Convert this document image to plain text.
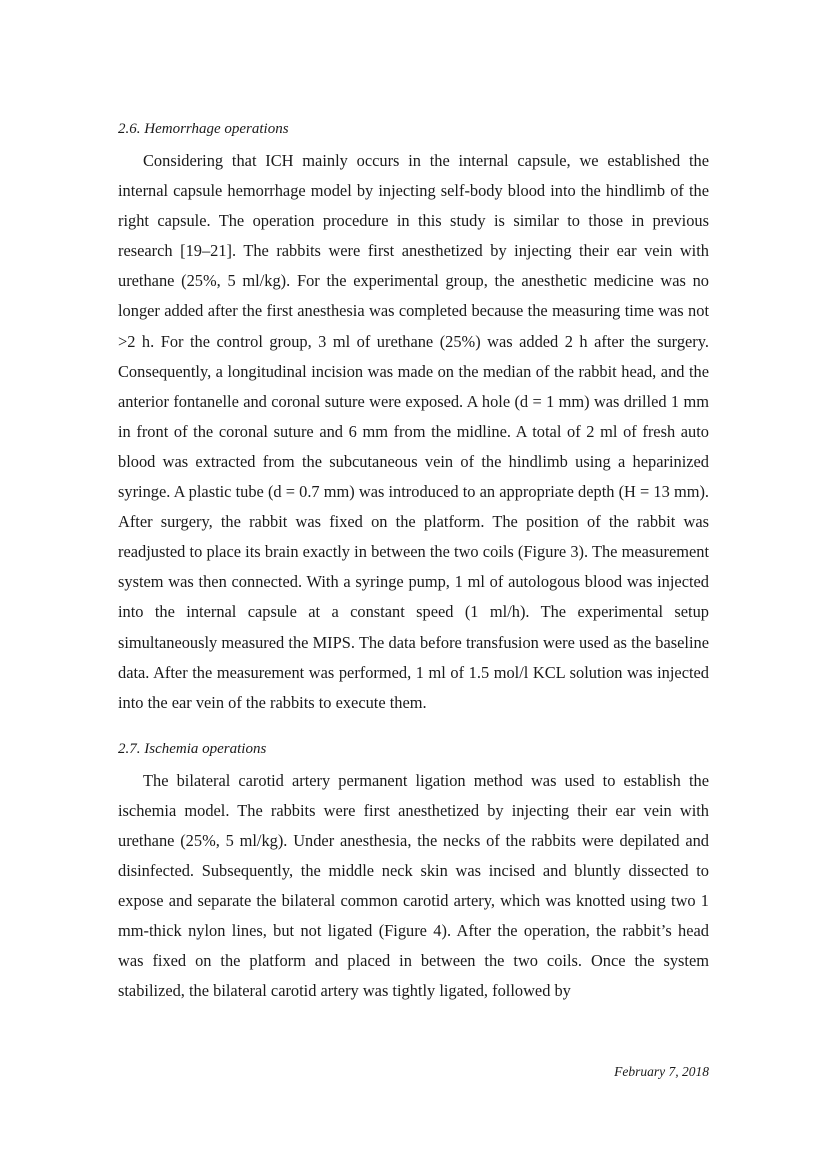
2.6. Hemorrhage operations

Considering that ICH mainly occurs in the internal capsule, we established the internal capsule hemorrhage model by injecting self-body blood into the hindlimb of the right capsule. The operation procedure in this study is similar to those in previous research [19–21]. The rabbits were first anesthetized by injecting their ear vein with urethane (25%, 5 ml/kg). For the experimental group, the anesthetic medicine was no longer added after the first anesthesia was completed because the measuring time was not >2 h. For the control group, 3 ml of urethane (25%) was added 2 h after the surgery. Consequently, a longitudinal incision was made on the median of the rabbit head, and the anterior fontanelle and coronal suture were exposed. A hole (d = 1 mm) was drilled 1 mm in front of the coronal suture and 6 mm from the midline. A total of 2 ml of fresh auto blood was extracted from the subcutaneous vein of the hindlimb using a heparinized syringe. A plastic tube (d = 0.7 mm) was introduced to an appropriate depth (H = 13 mm). After surgery, the rabbit was fixed on the platform. The position of the rabbit was readjusted to place its brain exactly in between the two coils (Figure 3). The measurement system was then connected. With a syringe pump, 1 ml of autologous blood was injected into the internal capsule at a constant speed (1 ml/h). The experimental setup simultaneously measured the MIPS. The data before transfusion were used as the baseline data. After the measurement was performed, 1 ml of 1.5 mol/l KCL solution was injected into the ear vein of the rabbits to execute them.

2.7. Ischemia operations

The bilateral carotid artery permanent ligation method was used to establish the ischemia model. The rabbits were first anesthetized by injecting their ear vein with urethane (25%, 5 ml/kg). Under anesthesia, the necks of the rabbits were depilated and disinfected. Subsequently, the middle neck skin was incised and bluntly dissected to expose and separate the bilateral common carotid artery, which was knotted using two 1 mm-thick nylon lines, but not ligated (Figure 4). After the operation, the rabbit’s head was fixed on the platform and placed in between the two coils. Once the system stabilized, the bilateral carotid artery was tightly ligated, followed by

February 7, 2018
